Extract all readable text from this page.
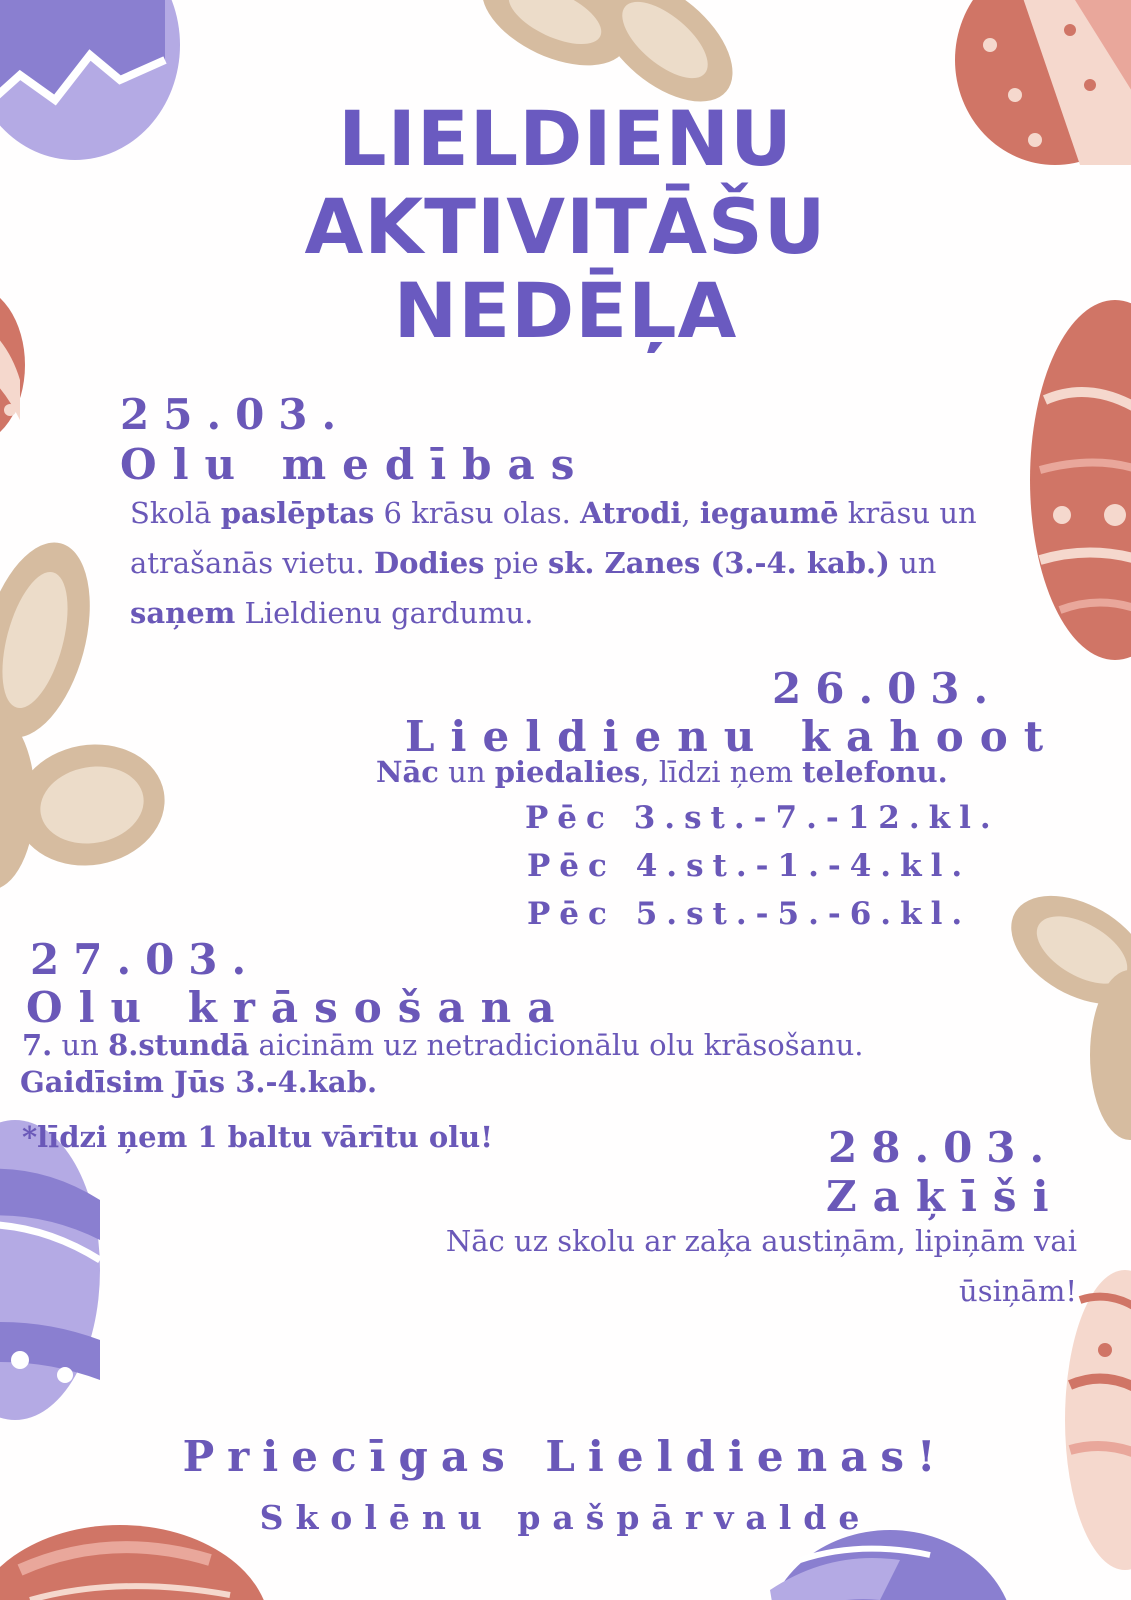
LIELDIENU
AKTIVITĀŠU
NEDĒĻA
25.03.
Olu medības

Skolā paslēptas 6 krāsu olas. Atrodi, iegaumē krāsu un atrašanās vietu. Dodies pie sk. Zanes (3.-4. kab.) un saņem Lieldienu gardumu.

26.03.
Lieldienu kahoot

Nāc un piedalies, līdzi ņem telefonu.

Pēc 3.st.-7.-12.kl.
Pēc 4.st.-1.-4.kl.
Pēc 5.st.-5.-6.kl.
27.03.
Olu krāsošana

7. un 8.stundā aicinām uz netradicionālu olu krāsošanu.

Gaidīsim Jūs 3.-4.kab.
*līdzi ņem 1 baltu vārītu olu!	28.03.
Zaķīši

Nāc uz skolu ar zaķa austiņām, lipiņām vai ūsiņām!

Priecīgas Lieldienas!
Skolēnu pašpārvalde
